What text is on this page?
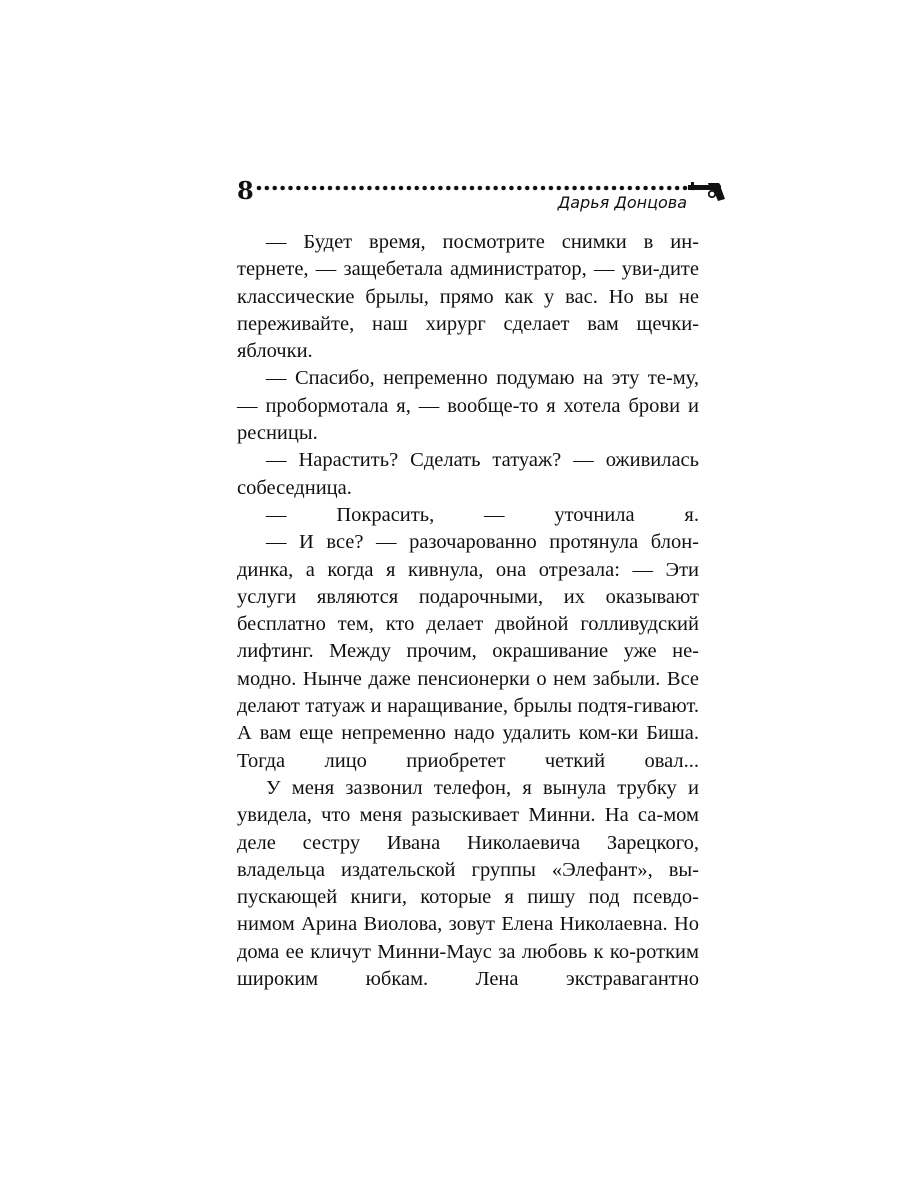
8	Дарья Донцова

— Будет время, посмотрите снимки в ин-тернете, — защебетала администратор, — уви-дите классические брылы, прямо как у вас. Но вы не переживайте, наш хирург сделает вам щечки-яблочки.

— Спасибо, непременно подумаю на эту те-му, — пробормотала я, — вообще-то я хотела брови и ресницы.

— Нарастить? Сделать татуаж? — оживилась собеседница.

— Покрасить, — уточнила я.

— И все? — разочарованно протянула блон-динка, а когда я кивнула, она отрезала: — Эти услуги являются подарочными, их оказывают бесплатно тем, кто делает двойной голливудский лифтинг. Между прочим, окрашивание уже не-модно. Нынче даже пенсионерки о нем забыли. Все делают татуаж и наращивание, брылы подтя-гивают. А вам еще непременно надо удалить ком-ки Биша. Тогда лицо приобретет четкий овал...

У меня зазвонил телефон, я вынула трубку и увидела, что меня разыскивает Минни. На са-мом деле сестру Ивана Николаевича Зарецкого, владельца издательской группы «Элефант», вы-пускающей книги, которые я пишу под псевдо-нимом Арина Виолова, зовут Елена Николаевна. Но дома ее кличут Минни-Маус за любовь к ко-ротким широким юбкам. Лена экстравагантно
